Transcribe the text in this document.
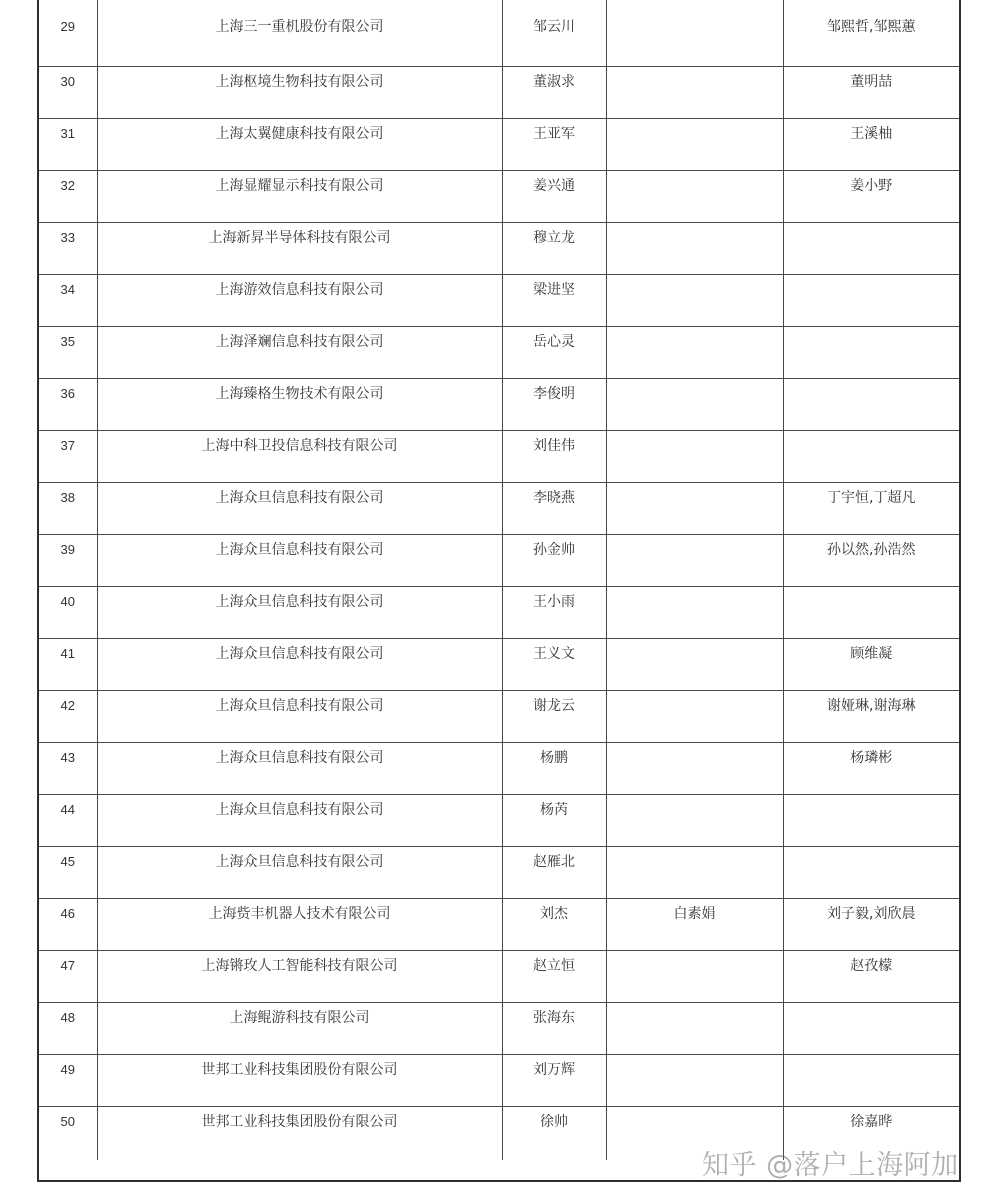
29	上海三一重机股份有限公司	邹云川		邹熙哲,邹熙蕙

30	上海枢境生物科技有限公司	董淑求		董明喆

31	上海太翼健康科技有限公司	王亚军		王溪柚

32	上海显耀显示科技有限公司	姜兴通		姜小野

33	上海新昇半导体科技有限公司	穆立龙		

34	上海游效信息科技有限公司	梁进坚		

35	上海泽斓信息科技有限公司	岳心灵		

36	上海臻格生物技术有限公司	李俊明		

37	上海中科卫投信息科技有限公司	刘佳伟		

38	上海众旦信息科技有限公司	李晓燕		丁宇恒,丁超凡

39	上海众旦信息科技有限公司	孙金帅		孙以然,孙浩然

40	上海众旦信息科技有限公司	王小雨		

41	上海众旦信息科技有限公司	王义文		顾维凝

42	上海众旦信息科技有限公司	谢龙云		谢娅琳,谢海琳

43	上海众旦信息科技有限公司	杨鹏		杨璘彬

44	上海众旦信息科技有限公司	杨芮		

45	上海众旦信息科技有限公司	赵雁北		

46	上海赀丰机器人技术有限公司	刘杰	白素娟	刘子毅,刘欣晨

47	上海锵玫人工智能科技有限公司	赵立恒		赵孜檬

48	上海鲲游科技有限公司	张海东		

49	世邦工业科技集团股份有限公司	刘万辉		

50	世邦工业科技集团股份有限公司	徐帅		徐嘉晔
知乎 @落户上海阿加
